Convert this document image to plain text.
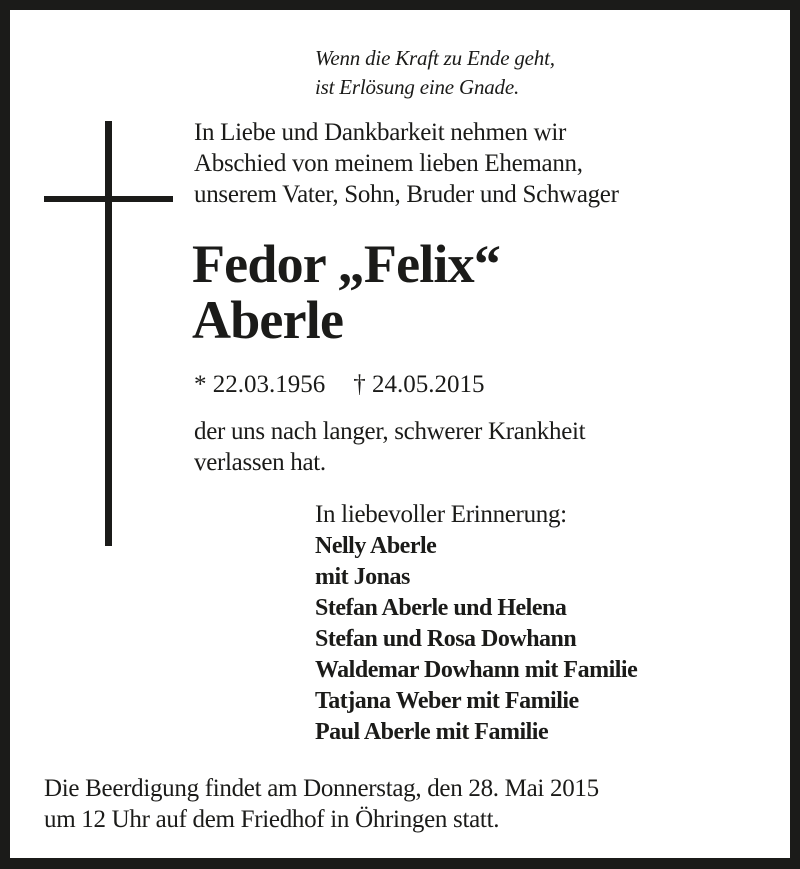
Wenn die Kraft zu Ende geht,
ist Erlösung eine Gnade.
In Liebe und Dankbarkeit nehmen wir
Abschied von meinem lieben Ehemann,
unserem Vater, Sohn, Bruder und Schwager
Fedor „Felix“
Aberle
* 22.03.1956 † 24.05.2015
der uns nach langer, schwerer Krankheit
verlassen hat.
In liebevoller Erinnerung:
Nelly Aberle
mit Jonas
Stefan Aberle und Helena
Stefan und Rosa Dowhann
Waldemar Dowhann mit Familie
Tatjana Weber mit Familie
Paul Aberle mit Familie
Die Beerdigung findet am Donnerstag, den 28. Mai 2015
um 12 Uhr auf dem Friedhof in Öhringen statt.
